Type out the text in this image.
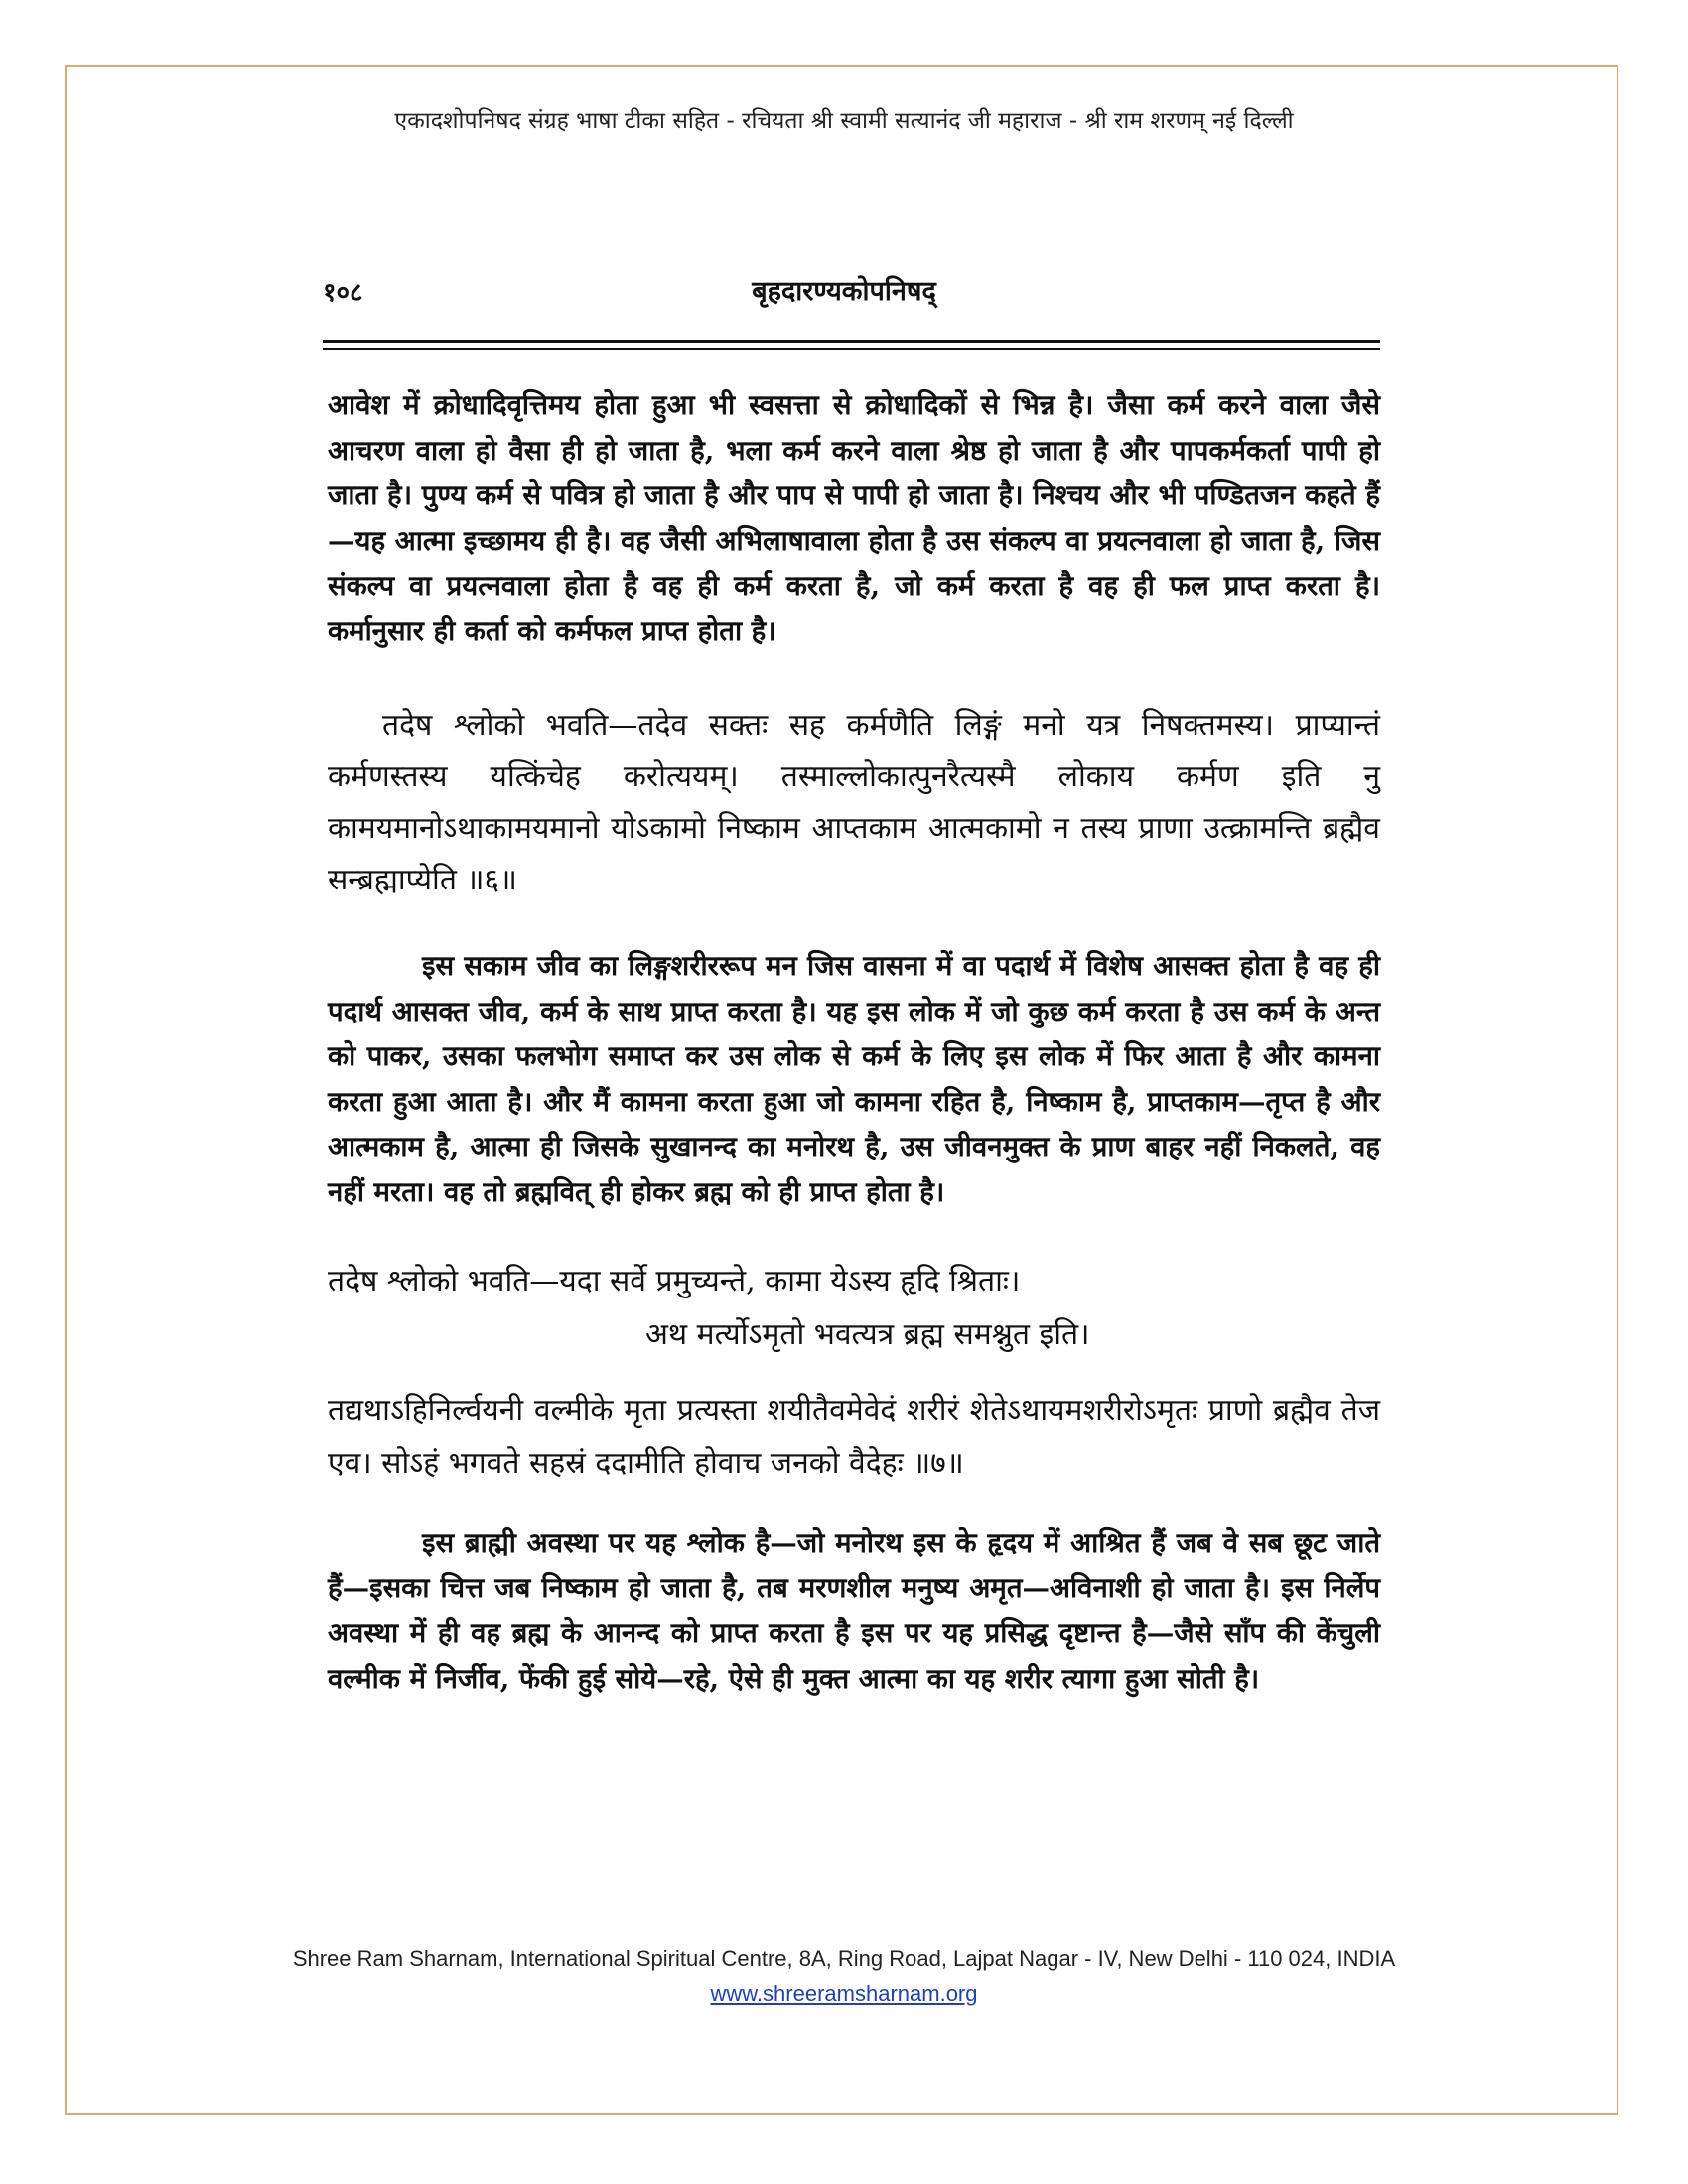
एकादशोपनिषद संग्रह भाषा टीका सहित - रचियता श्री स्वामी सत्यानंद जी महाराज - श्री राम शरणम् नई दिल्ली
१०८	बृहदारण्यकोपनिषद्

आवेश में क्रोधादिवृत्तिमय होता हुआ भी स्वसत्ता से क्रोधादिकों से भिन्न है। जैसा कर्म करने वाला जैसे आचरण वाला हो वैसा ही हो जाता है, भला कर्म करने वाला श्रेष्ठ हो जाता है और पापकर्मकर्ता पापी हो जाता है। पुण्य कर्म से पवित्र हो जाता है और पाप से पापी हो जाता है। निश्चय और भी पण्डितजन कहते हैं—यह आत्मा इच्छामय ही है। वह जैसी अभिलाषावाला होता है उस संकल्प वा प्रयत्नवाला हो जाता है, जिस संकल्प वा प्रयत्नवाला होता है वह ही कर्म करता है, जो कर्म करता है वह ही फल प्राप्त करता है। कर्मानुसार ही कर्ता को कर्मफल प्राप्त होता है।

तदेष श्लोको भवति—तदेव सक्तः सह कर्मणैति लिङ्गं मनो यत्र निषक्तमस्य। प्राप्यान्तं कर्मणस्तस्य यत्किंचेह करोत्ययम्। तस्माल्लोकात्पुनरैत्यस्मै लोकाय कर्मण इति नु कामयमानोऽथाकामयमानो योऽकामो निष्काम आप्तकाम आत्मकामो न तस्य प्राणा उत्क्रामन्ति ब्रह्मैव सन्ब्रह्माप्येति ॥६॥

इस सकाम जीव का लिङ्गशरीररूप मन जिस वासना में वा पदार्थ में विशेष आसक्त होता है वह ही पदार्थ आसक्त जीव, कर्म के साथ प्राप्त करता है। यह इस लोक में जो कुछ कर्म करता है उस कर्म के अन्त को पाकर, उसका फलभोग समाप्त कर उस लोक से कर्म के लिए इस लोक में फिर आता है और कामना करता हुआ आता है। और मैं कामना करता हुआ जो कामना रहित है, निष्काम है, प्राप्तकाम—तृप्त है और आत्मकाम है, आत्मा ही जिसके सुखानन्द का मनोरथ है, उस जीवनमुक्त के प्राण बाहर नहीं निकलते, वह नहीं मरता। वह तो ब्रह्मवित् ही होकर ब्रह्म को ही प्राप्त होता है।

तदेष श्लोको भवति—यदा सर्वे प्रमुच्यन्ते, कामा येऽस्य हृदि श्रिताः।

अथ मर्त्योऽमृतो भवत्यत्र ब्रह्म समश्नुत इति।

तद्यथाऽहिनिर्ल्वयनी वल्मीके मृता प्रत्यस्ता शयीतैवमेवेदं शरीरं शेतेऽथायमशरीरोऽमृतः प्राणो ब्रह्मैव तेज एव। सोऽहं भगवते सहस्रं ददामीति होवाच जनको वैदेहः ॥७॥

इस ब्राह्मी अवस्था पर यह श्लोक है—जो मनोरथ इस के हृदय में आश्रित हैं जब वे सब छूट जाते हैं—इसका चित्त जब निष्काम हो जाता है, तब मरणशील मनुष्य अमृत—अविनाशी हो जाता है। इस निर्लेप अवस्था में ही वह ब्रह्म के आनन्द को प्राप्त करता है इस पर यह प्रसिद्ध दृष्टान्त है—जैसे साँप की केंचुली वल्मीक में निर्जीव, फेंकी हुई सोये—रहे, ऐसे ही मुक्त आत्मा का यह शरीर त्यागा हुआ सोती है।

Shree Ram Sharnam, International Spiritual Centre, 8A, Ring Road, Lajpat Nagar - IV, New Delhi - 110 024, INDIA
www.shreeramsharnam.org
